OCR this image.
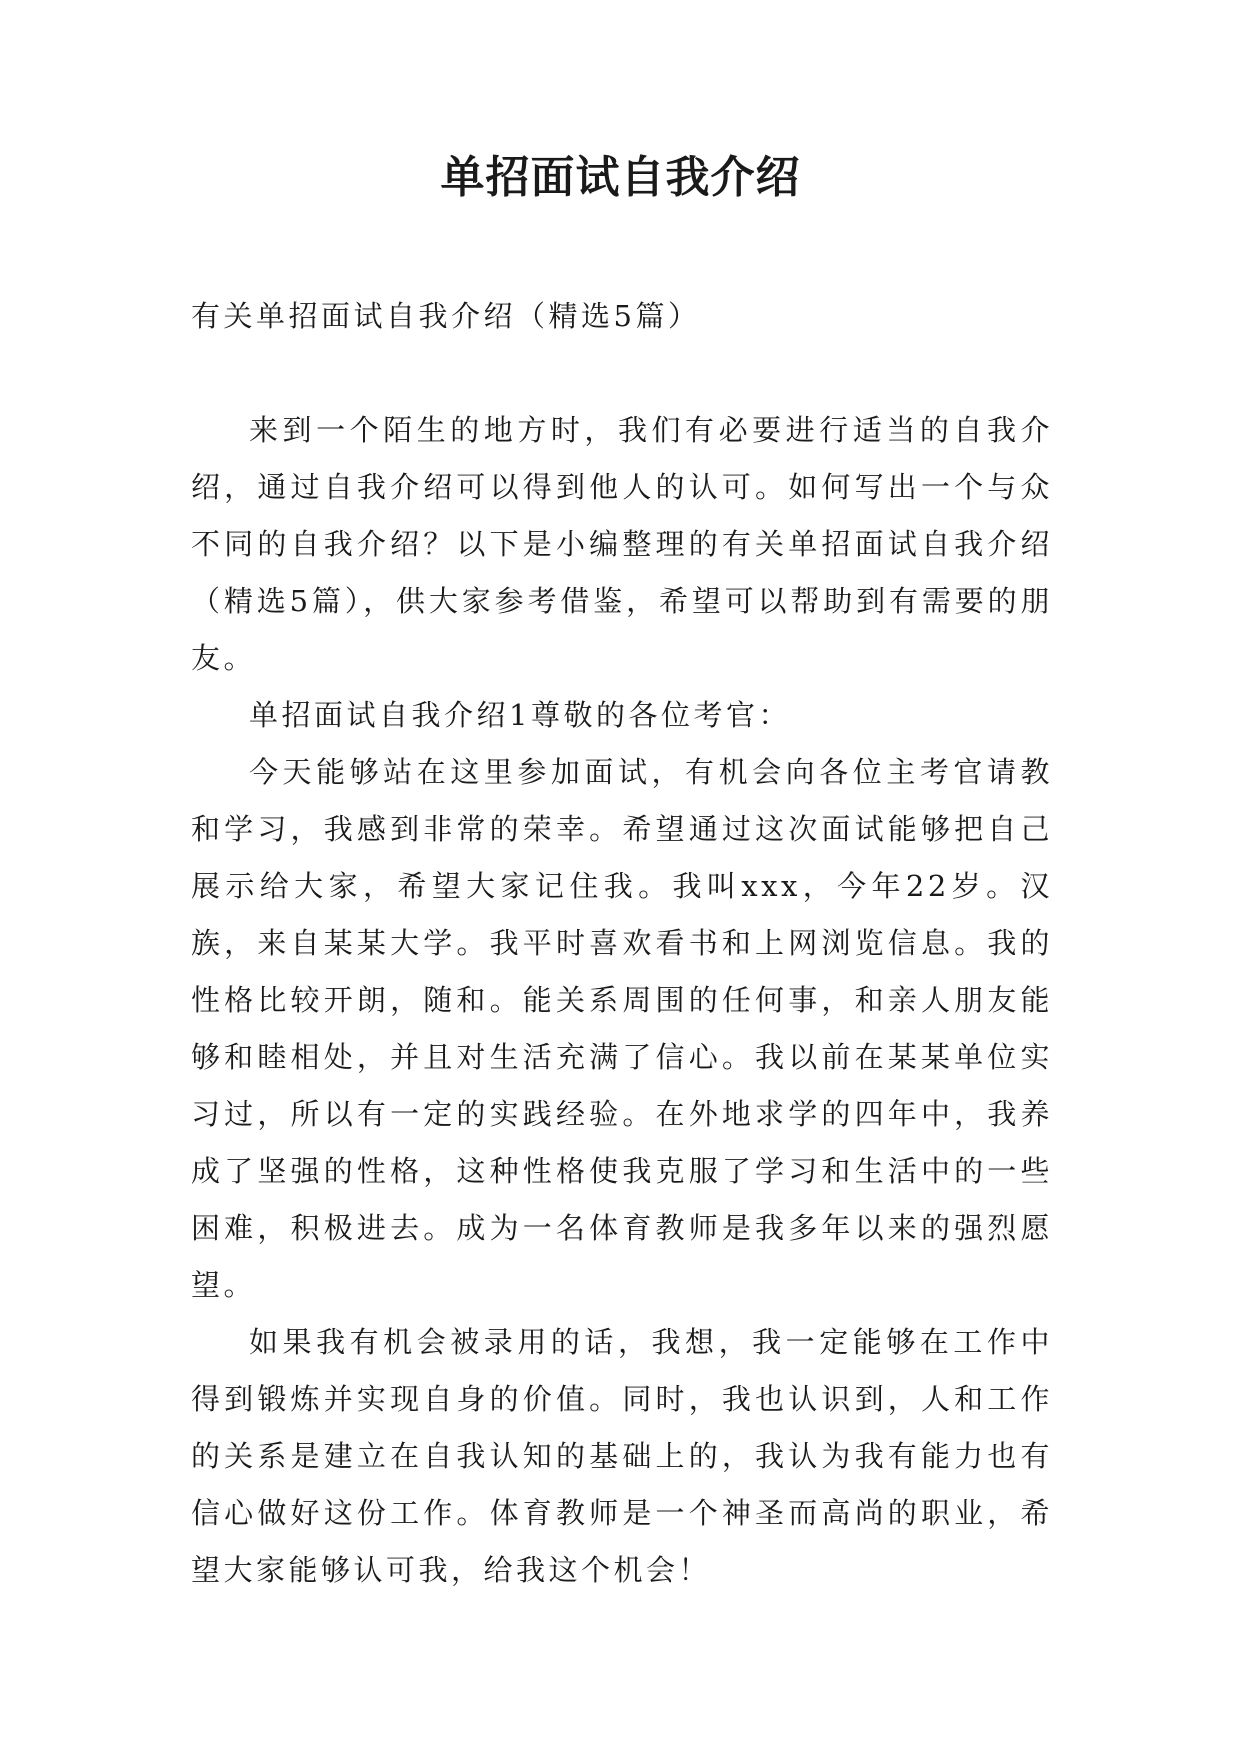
单招面试自我介绍

有关单招面试自我介绍（精选5篇）

来到一个陌生的地方时，我们有必要进行适当的自我介绍，通过自我介绍可以得到他人的认可。如何写出一个与众不同的自我介绍？以下是小编整理的有关单招面试自我介绍（精选5篇），供大家参考借鉴，希望可以帮助到有需要的朋友。

单招面试自我介绍1尊敬的各位考官：

今天能够站在这里参加面试，有机会向各位主考官请教和学习，我感到非常的荣幸。希望通过这次面试能够把自己展示给大家，希望大家记住我。我叫xxx，今年22岁。汉族，来自某某大学。我平时喜欢看书和上网浏览信息。我的性格比较开朗，随和。能关系周围的任何事，和亲人朋友能够和睦相处，并且对生活充满了信心。我以前在某某单位实习过，所以有一定的实践经验。在外地求学的四年中，我养成了坚强的性格，这种性格使我克服了学习和生活中的一些困难，积极进去。成为一名体育教师是我多年以来的强烈愿望。

如果我有机会被录用的话，我想，我一定能够在工作中得到锻炼并实现自身的价值。同时，我也认识到，人和工作的关系是建立在自我认知的基础上的，我认为我有能力也有信心做好这份工作。体育教师是一个神圣而高尚的职业，希望大家能够认可我，给我这个机会！
